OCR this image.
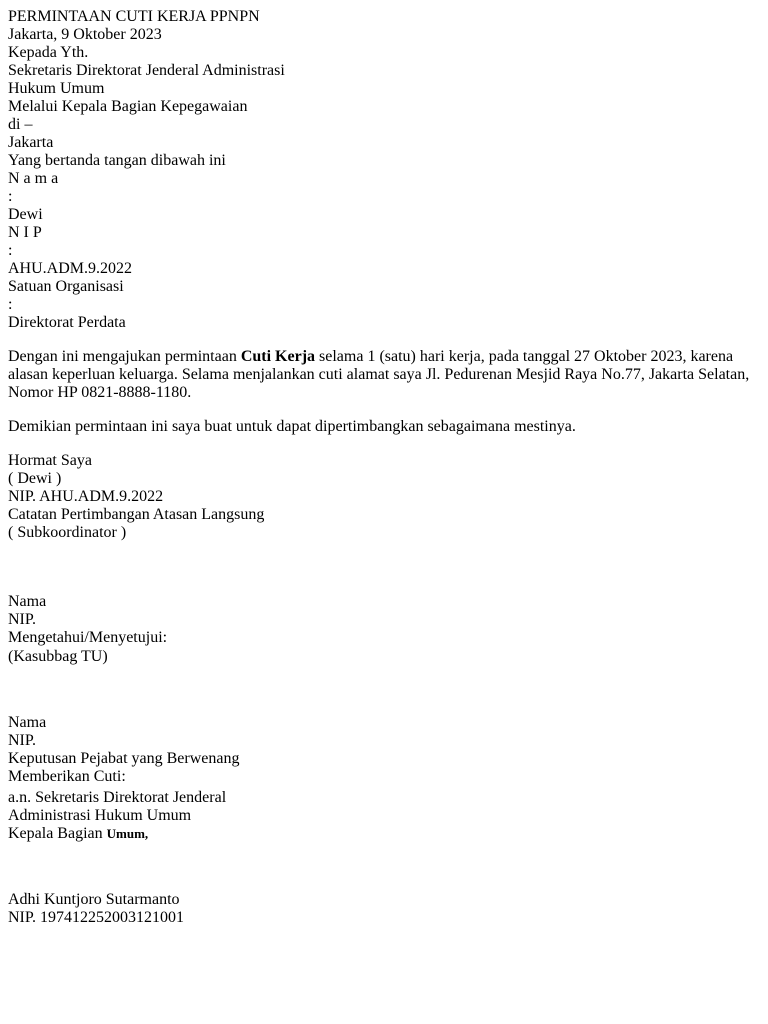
PERMINTAAN CUTI KERJA PPNPN
Jakarta, 9 Oktober 2023
Kepada Yth.
Sekretaris Direktorat Jenderal Administrasi
Hukum Umum
Melalui Kepala Bagian Kepegawaian
di –
Jakarta
Yang bertanda tangan dibawah ini
N a m a
:
Dewi
N I P
:
AHU.ADM.9.2022
Satuan Organisasi
:
Direktorat Perdata

Dengan ini mengajukan permintaan Cuti Kerja selama 1 (satu) hari kerja, pada tanggal 27 Oktober 2023, karena alasan keperluan keluarga. Selama menjalankan cuti alamat saya Jl. Pedurenan Mesjid Raya No.77, Jakarta Selatan, Nomor HP 0821-8888-1180.

Demikian permintaan ini saya buat untuk dapat dipertimbangkan sebagaimana mestinya.

Hormat Saya
( Dewi )
NIP. AHU.ADM.9.2022
Catatan Pertimbangan Atasan Langsung
( Subkoordinator )
Nama
NIP.
Mengetahui/Menyetujui:
(Kasubbag TU)
Nama
NIP.
Keputusan Pejabat yang Berwenang
Memberikan Cuti:
a.n. Sekretaris Direktorat Jenderal
Administrasi Hukum Umum
Kepala Bagian Umum,
Adhi Kuntjoro Sutarmanto
NIP. 197412252003121001
